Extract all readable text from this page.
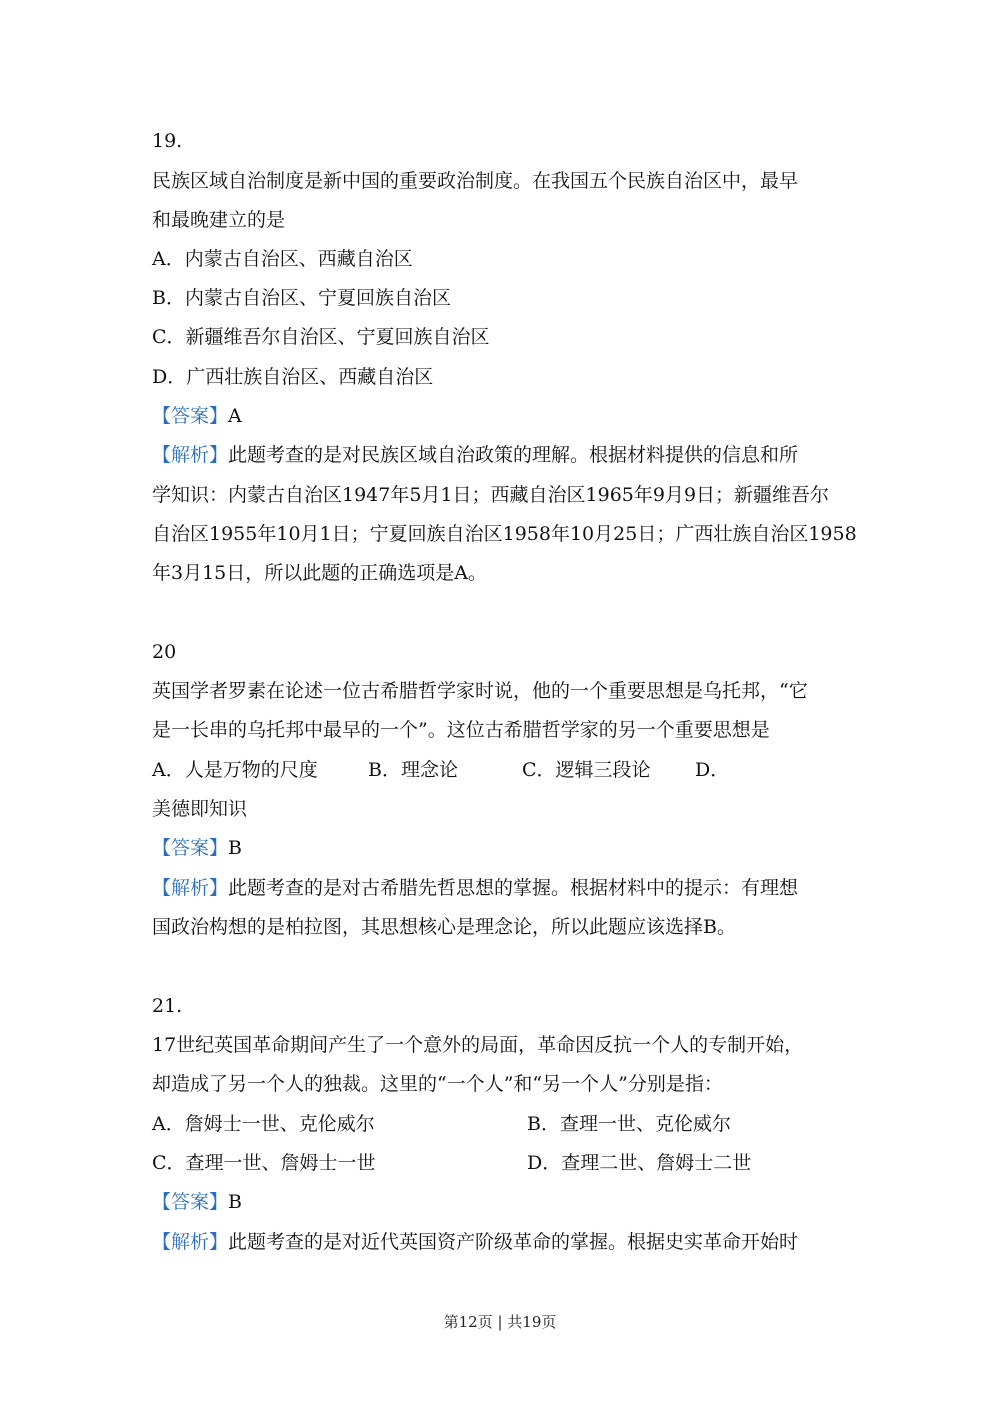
19.
民族区域自治制度是新中国的重要政治制度。在我国五个民族自治区中，最早
和最晚建立的是
A．内蒙古自治区、西藏自治区
B．内蒙古自治区、宁夏回族自治区
C．新疆维吾尔自治区、宁夏回族自治区
D．广西壮族自治区、西藏自治区
【答案】A
【解析】此题考查的是对民族区域自治政策的理解。根据材料提供的信息和所
学知识：内蒙古自治区1947年5月1日；西藏自治区1965年9月9日；新疆维吾尔
自治区1955年10月1日；宁夏回族自治区1958年10月25日；广西壮族自治区1958
年3月15日，所以此题的正确选项是A。
20
英国学者罗素在论述一位古希腊哲学家时说，他的一个重要思想是乌托邦，“它
是一长串的乌托邦中最早的一个”。这位古希腊哲学家的另一个重要思想是
A．人是万物的尺度	B．理念论	C．逻辑三段论 D．
美德即知识
【答案】B
【解析】此题考查的是对古希腊先哲思想的掌握。根据材料中的提示：有理想
国政治构想的是柏拉图，其思想核心是理念论，所以此题应该选择B。
21.
17世纪英国革命期间产生了一个意外的局面，革命因反抗一个人的专制开始，
却造成了另一个人的独裁。这里的“一个人”和“另一个人”分别是指：
A．詹姆士一世、克伦威尔	B．查理一世、克伦威尔
C．查理一世、詹姆士一世	D．查理二世、詹姆士二世
【答案】B
【解析】此题考查的是对近代英国资产阶级革命的掌握。根据史实革命开始时
第12页 | 共19页
